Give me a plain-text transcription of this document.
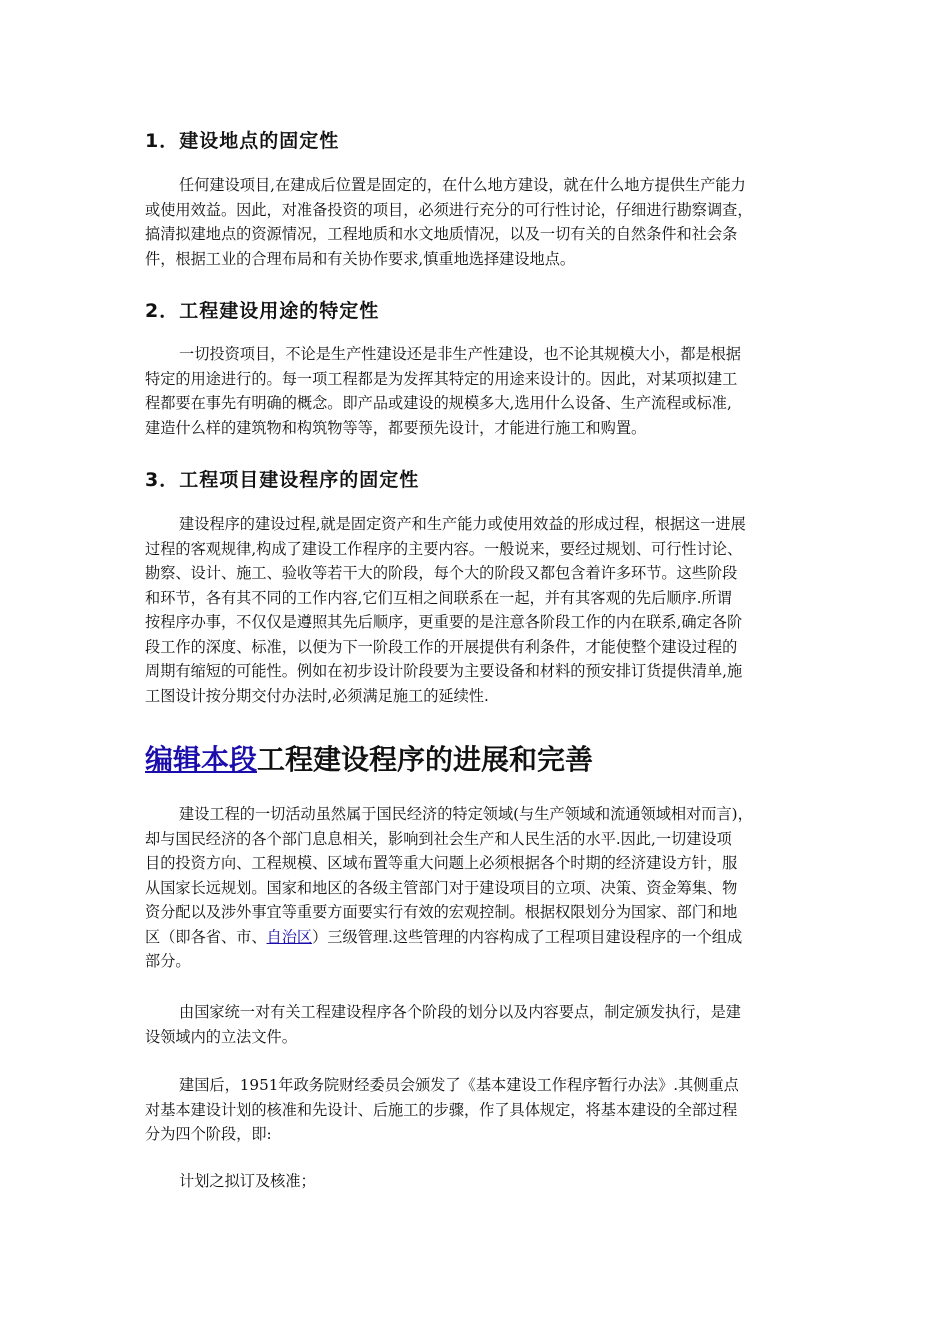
1．建设地点的固定性
任何建设项目,在建成后位置是固定的，在什么地方建设，就在什么地方提供生产能力
或使用效益。因此，对准备投资的项目，必须进行充分的可行性讨论，仔细进行勘察调查，
搞清拟建地点的资源情况，工程地质和水文地质情况，以及一切有关的自然条件和社会条
件，根据工业的合理布局和有关协作要求,慎重地选择建设地点。
2．工程建设用途的特定性
一切投资项目，不论是生产性建设还是非生产性建设，也不论其规模大小，都是根据
特定的用途进行的。每一项工程都是为发挥其特定的用途来设计的。因此，对某项拟建工
程都要在事先有明确的概念。即产品或建设的规模多大,选用什么设备、生产流程或标准,
建造什么样的建筑物和构筑物等等，都要预先设计，才能进行施工和购置。
3．工程项目建设程序的固定性
建设程序的建设过程,就是固定资产和生产能力或使用效益的形成过程，根据这一进展
过程的客观规律,构成了建设工作程序的主要内容。一般说来，要经过规划、可行性讨论、
勘察、设计、施工、验收等若干大的阶段，每个大的阶段又都包含着许多环节。这些阶段
和环节，各有其不同的工作内容,它们互相之间联系在一起，并有其客观的先后顺序.所谓
按程序办事，不仅仅是遵照其先后顺序，更重要的是注意各阶段工作的内在联系,确定各阶
段工作的深度、标准，以便为下一阶段工作的开展提供有利条件，才能使整个建设过程的
周期有缩短的可能性。例如在初步设计阶段要为主要设备和材料的预安排订货提供清单,施
工图设计按分期交付办法时,必须满足施工的延续性.
编辑本段工程建设程序的进展和完善
建设工程的一切活动虽然属于国民经济的特定领域(与生产领域和流通领域相对而言)，
却与国民经济的各个部门息息相关，影响到社会生产和人民生活的水平.因此,一切建设项
目的投资方向、工程规模、区域布置等重大问题上必须根据各个时期的经济建设方针，服
从国家长远规划。国家和地区的各级主管部门对于建设项目的立项、决策、资金筹集、物
资分配以及涉外事宜等重要方面要实行有效的宏观控制。根据权限划分为国家、部门和地
区（即各省、市、自治区）三级管理.这些管理的内容构成了工程项目建设程序的一个组成
部分。
由国家统一对有关工程建设程序各个阶段的划分以及内容要点，制定颁发执行，是建
设领域内的立法文件。
建国后，1951年政务院财经委员会颁发了《基本建设工作程序暂行办法》.其侧重点
对基本建设计划的核准和先设计、后施工的步骤，作了具体规定，将基本建设的全部过程
分为四个阶段，即:
计划之拟订及核准；
